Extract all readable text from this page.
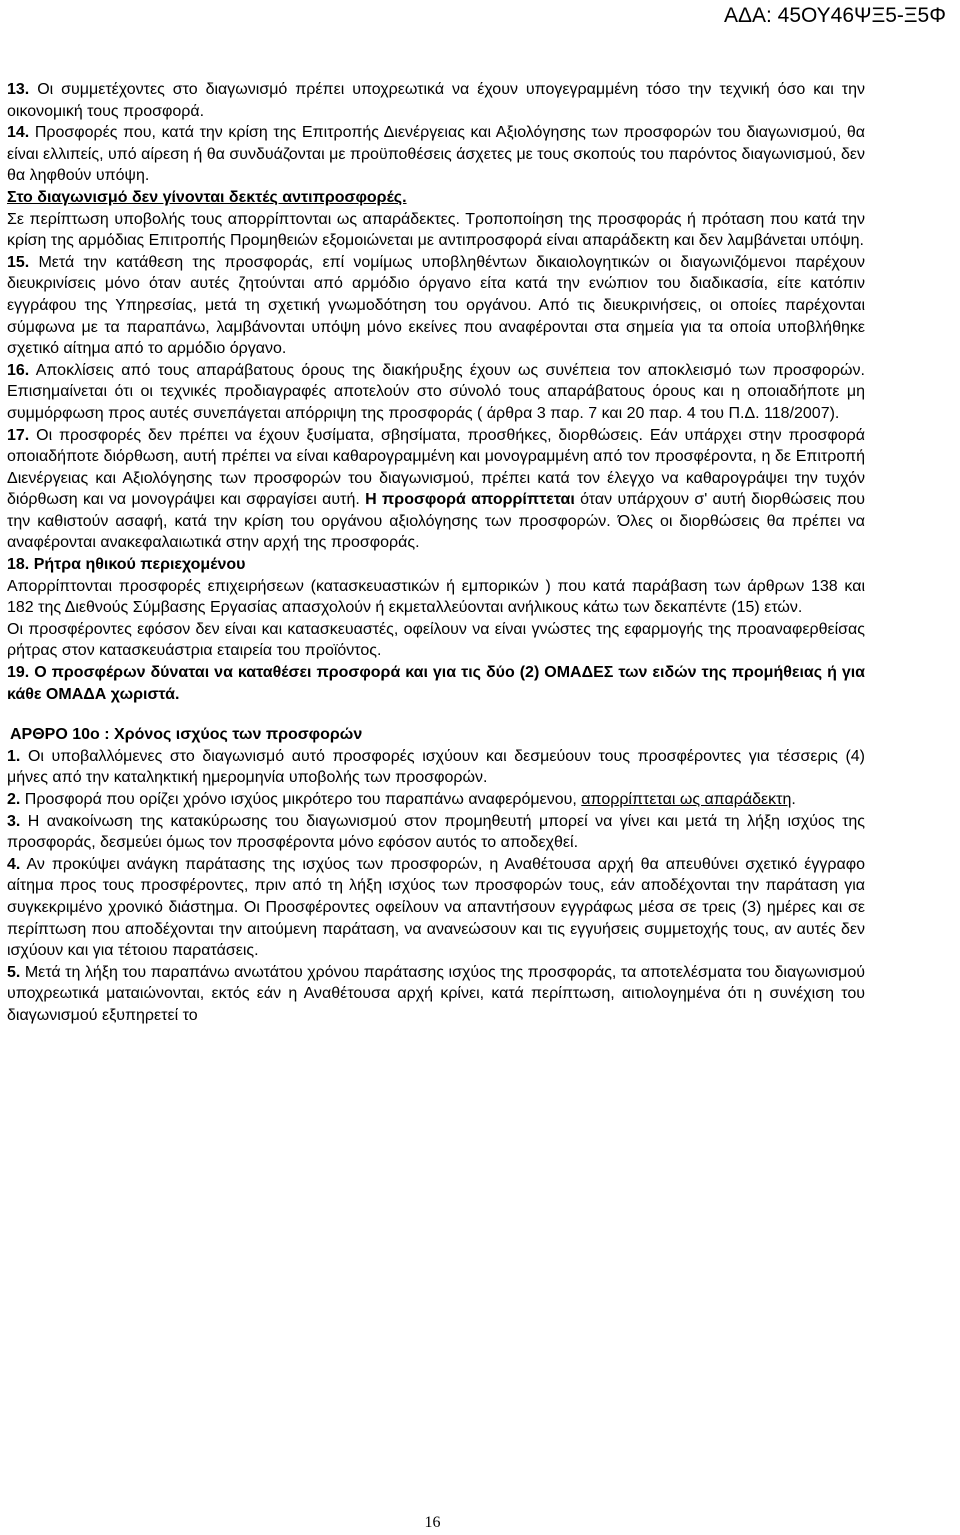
ΑΔΑ: 45ΟΥ46ΨΞ5-Ξ5Φ

13. Οι συμμετέχοντες στο διαγωνισμό πρέπει υποχρεωτικά να έχουν υπογεγραμμένη τόσο την τεχνική όσο και την οικονομική τους προσφορά.

14. Προσφορές που, κατά την κρίση της Επιτροπής Διενέργειας και Αξιολόγησης των προσφορών του διαγωνισμού, θα είναι ελλιπείς, υπό αίρεση ή θα συνδυάζονται με προϋποθέσεις άσχετες με τους σκοπούς του παρόντος διαγωνισμού, δεν θα ληφθούν υπόψη.

Στο διαγωνισμό δεν γίνονται δεκτές αντιπροσφορές.

Σε περίπτωση υποβολής τους απορρίπτονται ως απαράδεκτες. Τροποποίηση της προσφοράς ή πρόταση που κατά την κρίση της αρμόδιας Επιτροπής Προμηθειών εξομοιώνεται με αντιπροσφορά είναι απαράδεκτη και δεν λαμβάνεται υπόψη.

15. Μετά την κατάθεση της προσφοράς, επί νομίμως υποβληθέντων δικαιολογητικών οι διαγωνιζόμενοι παρέχουν διευκρινίσεις μόνο όταν αυτές ζητούνται από αρμόδιο όργανο είτα κατά την ενώπιον του διαδικασία, είτε κατόπιν εγγράφου της Υπηρεσίας, μετά τη σχετική γνωμοδότηση του οργάνου. Από τις διευκρινήσεις, οι οποίες παρέχονται σύμφωνα με τα παραπάνω, λαμβάνονται υπόψη μόνο εκείνες που αναφέρονται στα σημεία για τα οποία υποβλήθηκε σχετικό αίτημα από το αρμόδιο όργανο.

16. Αποκλίσεις από τους απαράβατους όρους της διακήρυξης έχουν ως συνέπεια τον αποκλεισμό των προσφορών. Επισημαίνεται ότι οι τεχνικές προδιαγραφές αποτελούν στο σύνολό τους απαράβατους όρους και η οποιαδήποτε μη συμμόρφωση προς αυτές συνεπάγεται απόρριψη της προσφοράς ( άρθρα 3 παρ. 7 και 20 παρ. 4 του Π.Δ. 118/2007).

17. Οι προσφορές δεν πρέπει να έχουν ξυσίματα, σβησίματα, προσθήκες, διορθώσεις. Εάν υπάρχει στην προσφορά οποιαδήποτε διόρθωση, αυτή πρέπει να είναι καθαρογραμμένη και μονογραμμένη από τον προσφέροντα, η δε Επιτροπή Διενέργειας και Αξιολόγησης των προσφορών του διαγωνισμού, πρέπει κατά τον έλεγχο να καθαρογράψει την τυχόν διόρθωση και να μονογράψει και σφραγίσει αυτή. Η προσφορά απορρίπτεται όταν υπάρχουν σ' αυτή διορθώσεις που την καθιστούν ασαφή, κατά την κρίση του οργάνου αξιολόγησης των προσφορών. Όλες οι διορθώσεις θα πρέπει να αναφέρονται ανακεφαλαιωτικά στην αρχή της προσφοράς.

18. Ρήτρα ηθικού περιεχομένου

Απορρίπτονται προσφορές επιχειρήσεων (κατασκευαστικών ή εμπορικών ) που κατά παράβαση των άρθρων 138 και 182 της Διεθνούς Σύμβασης Εργασίας απασχολούν ή εκμεταλλεύονται ανήλικους κάτω των δεκαπέντε (15) ετών.

Οι προσφέροντες εφόσον δεν είναι και κατασκευαστές, οφείλουν να είναι γνώστες της εφαρμογής της προαναφερθείσας ρήτρας στον κατασκευάστρια εταιρεία του προϊόντος.

19. Ο προσφέρων δύναται να καταθέσει προσφορά και για τις δύο (2) ΟΜΑΔΕΣ των ειδών της προμήθειας ή για κάθε ΟΜΑΔΑ χωριστά.

ΑΡΘΡΟ 10ο : Χρόνος ισχύος των προσφορών

1. Οι υποβαλλόμενες στο διαγωνισμό αυτό προσφορές ισχύουν και δεσμεύουν τους προσφέροντες για τέσσερις (4) μήνες από την καταληκτική ημερομηνία υποβολής των προσφορών.

2. Προσφορά που ορίζει χρόνο ισχύος μικρότερο του παραπάνω αναφερόμενου, απορρίπτεται ως απαράδεκτη.

3. Η ανακοίνωση της κατακύρωσης του διαγωνισμού στον προμηθευτή μπορεί να γίνει και μετά τη λήξη ισχύος της προσφοράς, δεσμεύει όμως τον προσφέροντα μόνο εφόσον αυτός το αποδεχθεί.

4. Αν προκύψει ανάγκη παράτασης της ισχύος των προσφορών, η Αναθέτουσα αρχή θα απευθύνει σχετικό έγγραφο αίτημα προς τους προσφέροντες, πριν από τη λήξη ισχύος των προσφορών τους, εάν αποδέχονται την παράταση για συγκεκριμένο χρονικό διάστημα. Οι Προσφέροντες οφείλουν να απαντήσουν εγγράφως μέσα σε τρεις (3) ημέρες και σε περίπτωση που αποδέχονται την αιτούμενη παράταση, να ανανεώσουν και τις εγγυήσεις συμμετοχής τους, αν αυτές δεν ισχύουν και για τέτοιου παρατάσεις.

5. Μετά τη λήξη του παραπάνω ανωτάτου χρόνου παράτασης ισχύος της προσφοράς, τα αποτελέσματα του διαγωνισμού υποχρεωτικά ματαιώνονται, εκτός εάν η Αναθέτουσα αρχή κρίνει, κατά περίπτωση, αιτιολογημένα ότι η συνέχιση του διαγωνισμού εξυπηρετεί το

16
